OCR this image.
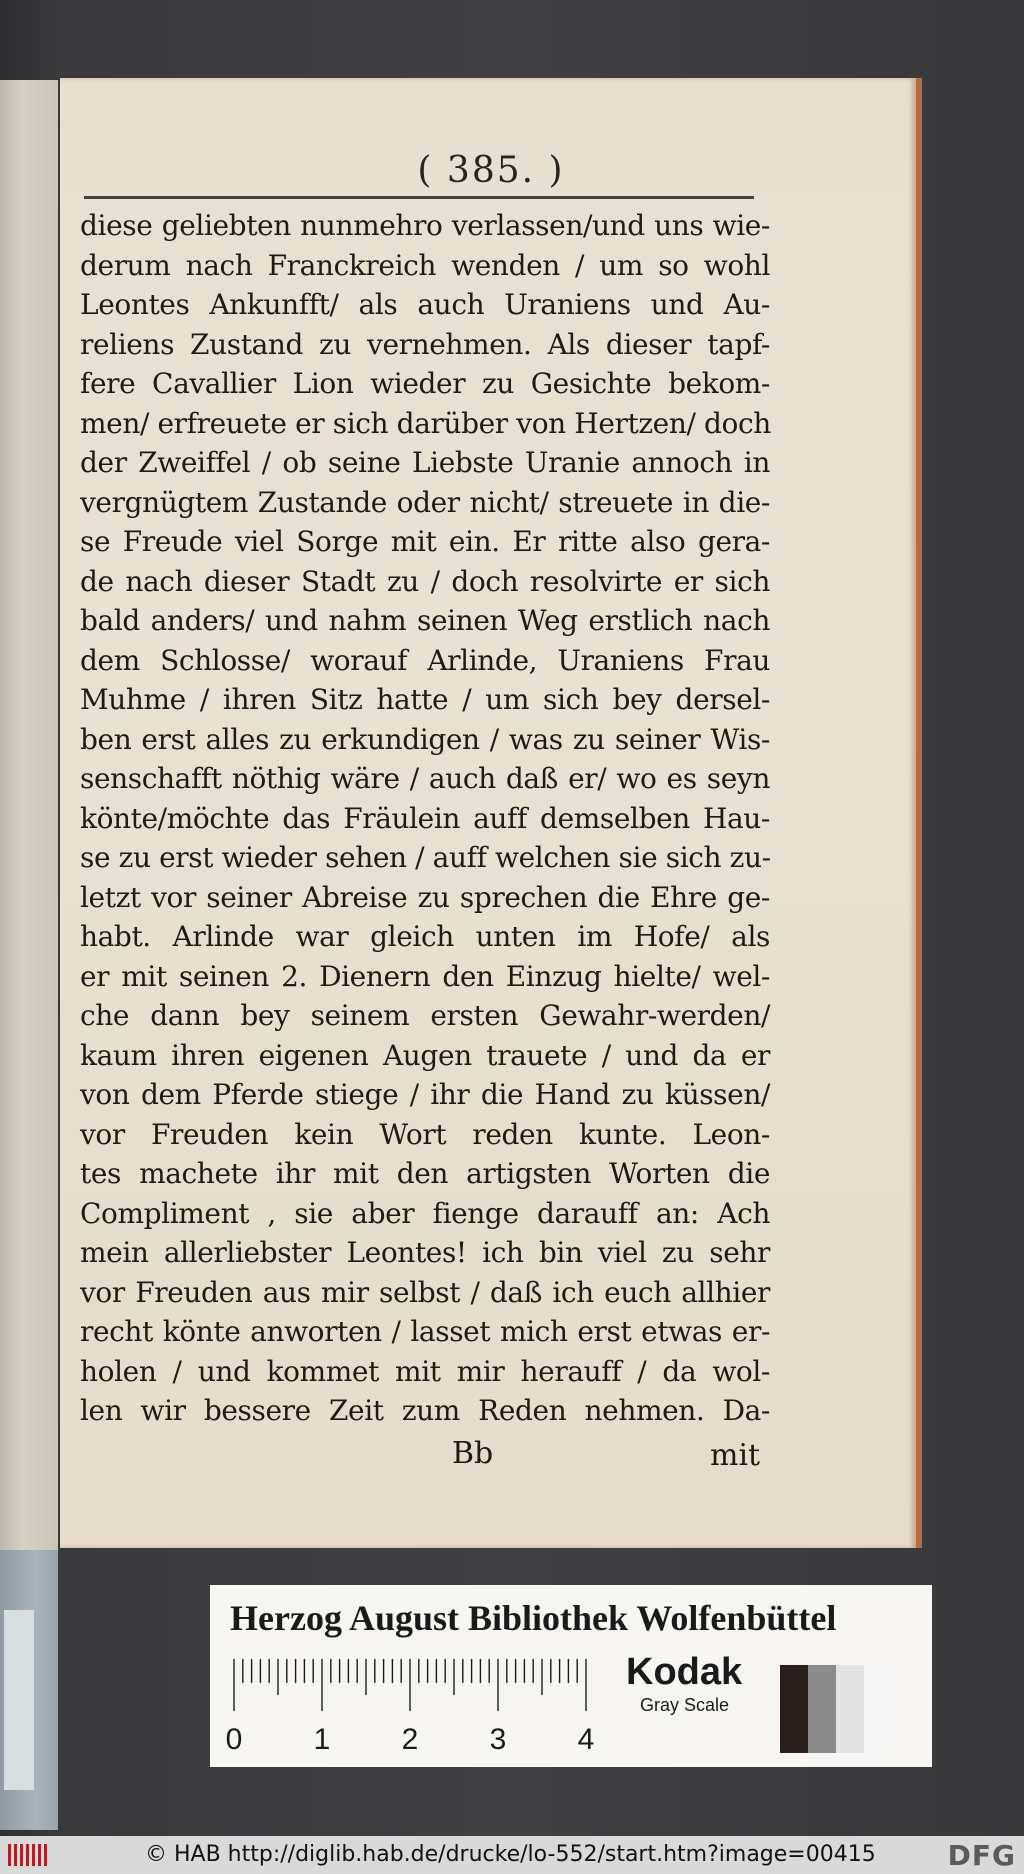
( 385. )
diese geliebten nunmehro verlassen/und uns wie-
derum nach Franckreich wenden / um so wohl
Leontes Ankunfft/ als auch Uraniens und Au-
reliens Zustand zu vernehmen. Als dieser tapf-
fere Cavallier Lion wieder zu Gesichte bekom-
men/ erfreuete er sich darüber von Hertzen/ doch
der Zweiffel / ob seine Liebste Uranie annoch in
vergnügtem Zustande oder nicht/ streuete in die-
se Freude viel Sorge mit ein. Er ritte also gera-
de nach dieser Stadt zu / doch resolvirte er sich
bald anders/ und nahm seinen Weg erstlich nach
dem Schlosse/ worauf Arlinde, Uraniens Frau
Muhme / ihren Sitz hatte / um sich bey dersel-
ben erst alles zu erkundigen / was zu seiner Wis-
senschafft nöthig wäre / auch daß er/ wo es seyn
könte/möchte das Fräulein auff demselben Hau-
se zu erst wieder sehen / auff welchen sie sich zu-
letzt vor seiner Abreise zu sprechen die Ehre ge-
habt. Arlinde war gleich unten im Hofe/ als
er mit seinen 2. Dienern den Einzug hielte/ wel-
che dann bey seinem ersten Gewahr-werden/
kaum ihren eigenen Augen trauete / und da er
von dem Pferde stiege / ihr die Hand zu küssen/
vor Freuden kein Wort reden kunte. Leon-
tes machete ihr mit den artigsten Worten die
Compliment , sie aber fienge darauff an: Ach
mein allerliebster Leontes! ich bin viel zu sehr
vor Freuden aus mir selbst / daß ich euch allhier
recht könte anworten / lasset mich erst etwas er-
holen / und kommet mit mir herauff / da wol-
len wir bessere Zeit zum Reden nehmen. Da-
Bb	mit
Herzog August Bibliothek Wolfenbüttel
0 1 2 3 4
Kodak
Gray Scale
© HAB http://diglib.hab.de/drucke/lo-552/start.htm?image=00415	DFG
